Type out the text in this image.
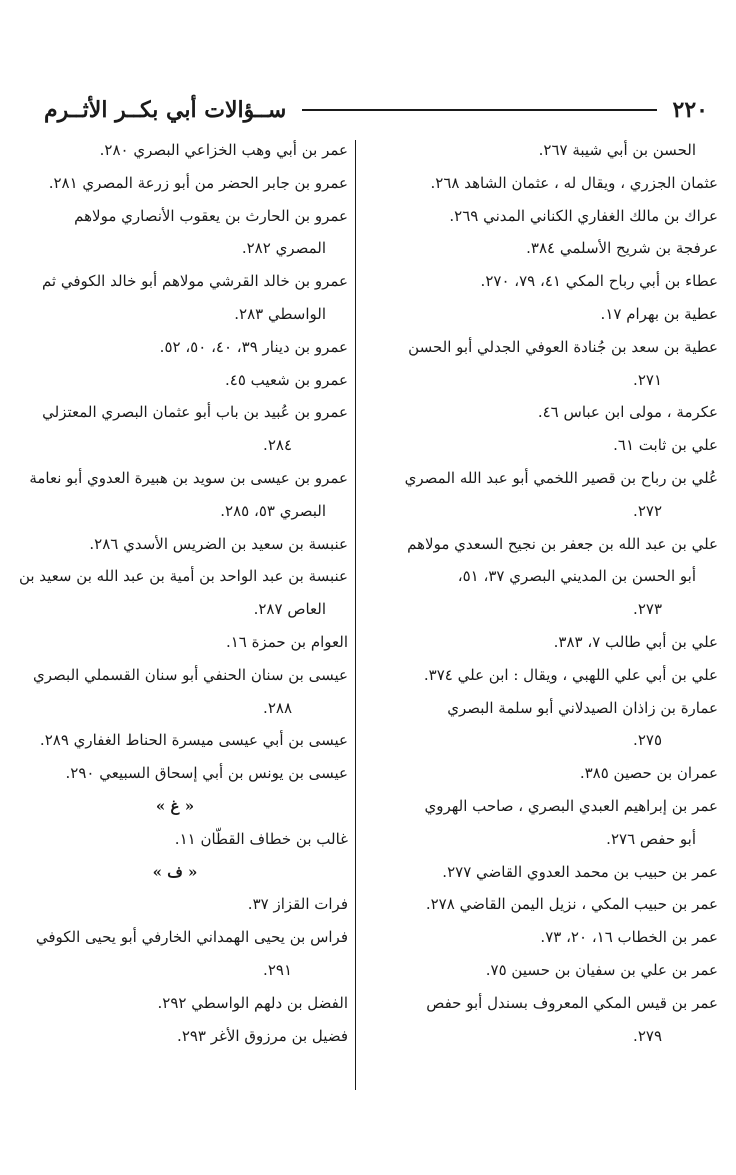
٢٢٠
ســؤالات أبي بكــر الأثــرم
الحسن بن أبي شيبة ٢٦٧.
عثمان الجزري ، ويقال له ، عثمان الشاهد ٢٦٨.
عراك بن مالك الغفاري الكناني المدني ٢٦٩.
عرفجة بن شريح الأسلمي ٣٨٤.
عطاء بن أبي رباح المكي ٤١، ٧٩، ٢٧٠.
عطية بن بهرام ١٧.
عطية بن سعد بن جُنادة العوفي الجدلي أبو الحسن
٢٧١.
عكرمة ، مولى ابن عباس ٤٦.
علي بن ثابت ٦١.
عُلي بن رباح بن قصير اللخمي أبو عبد الله المصري
٢٧٢.
علي بن عبد الله بن جعفر بن نجيح السعدي مولاهم
أبو الحسن بن المديني البصري ٣٧، ٥١،
٢٧٣.
علي بن أبي طالب ٧، ٣٨٣.
علي بن أبي علي اللهبي ، ويقال : ابن علي ٣٧٤.
عمارة بن زاذان الصيدلاني أبو سلمة البصري
٢٧٥.
عمران بن حصين ٣٨٥.
عمر بن إبراهيم العبدي البصري ، صاحب الهروي
أبو حفص ٢٧٦.
عمر بن حبيب بن محمد العدوي القاضي ٢٧٧.
عمر بن حبيب المكي ، نزيل اليمن القاضي ٢٧٨.
عمر بن الخطاب ١٦، ٢٠، ٧٣.
عمر بن علي بن سفيان بن حسين ٧٥.
عمر بن قيس المكي المعروف بسندل أبو حفص
٢٧٩.
عمر بن أبي وهب الخزاعي البصري ٢٨٠.
عمرو بن جابر الحضر من أبو زرعة المصري ٢٨١.
عمرو بن الحارث بن يعقوب الأنصاري مولاهم
المصري ٢٨٢.
عمرو بن خالد القرشي مولاهم أبو خالد الكوفي ثم
الواسطي ٢٨٣.
عمرو بن دينار ٣٩، ٤٠، ٥٠، ٥٢.
عمرو بن شعيب ٤٥.
عمرو بن عُبيد بن باب أبو عثمان البصري المعتزلي
٢٨٤.
عمرو بن عيسى بن سويد بن هبيرة العدوي أبو نعامة
البصري ٥٣، ٢٨٥.
عنبسة بن سعيد بن الضريس الأسدي ٢٨٦.
عنبسة بن عبد الواحد بن أمية بن عبد الله بن سعيد بن
العاص ٢٨٧.
العوام بن حمزة ١٦.
عيسى بن سنان الحنفي أبو سنان القسملي البصري
٢٨٨.
عيسى بن أبي عيسى ميسرة الحناط الغفاري ٢٨٩.
عيسى بن يونس بن أبي إسحاق السبيعي ٢٩٠.
« غ »
غالب بن خطاف القطّان ١١.
« ف »
فرات القزاز ٣٧.
فراس بن يحيى الهمداني الخارفي أبو يحيى الكوفي
٢٩١.
الفضل بن دلهم الواسطي ٢٩٢.
فضيل بن مرزوق الأغر ٢٩٣.
